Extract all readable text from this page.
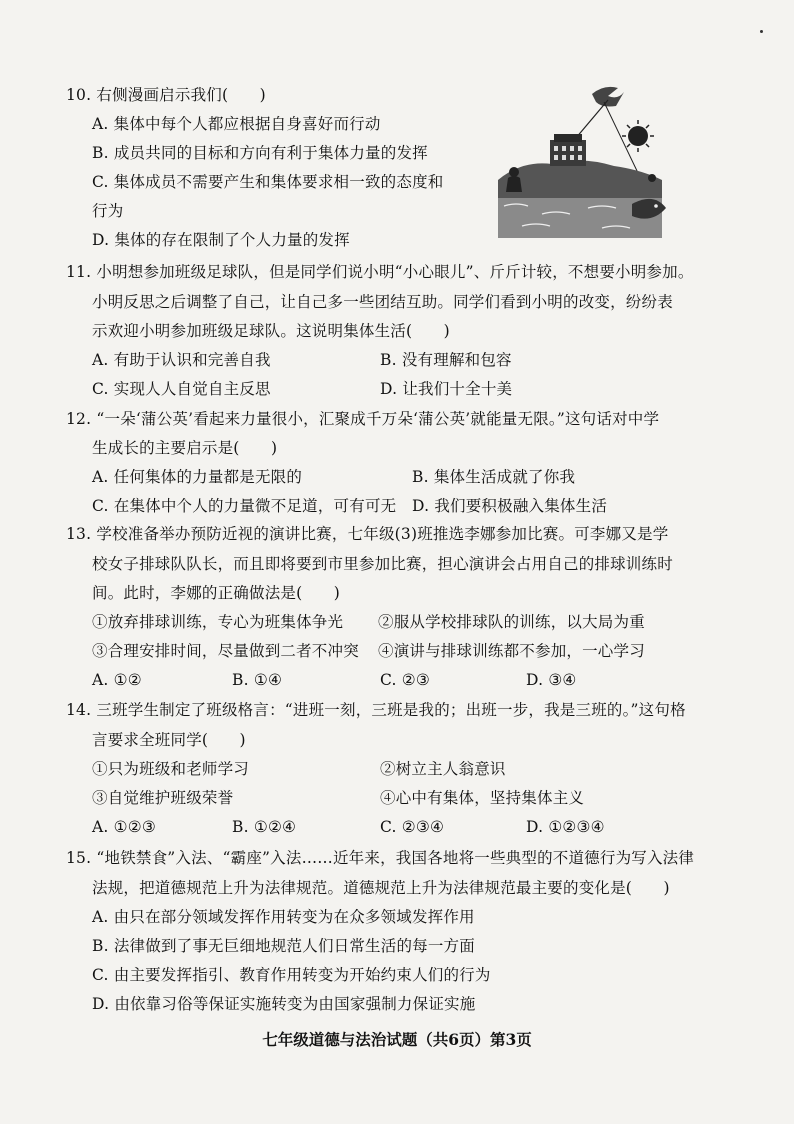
10. 右侧漫画启示我们(　　)
A. 集体中每个人都应根据自身喜好而行动
B. 成员共同的目标和方向有利于集体力量的发挥
C. 集体成员不需要产生和集体要求相一致的态度和
行为
D. 集体的存在限制了个人力量的发挥
11. 小明想参加班级足球队，但是同学们说小明“小心眼儿”、斤斤计较，不想要小明参加。
小明反思之后调整了自己，让自己多一些团结互助。同学们看到小明的改变，纷纷表
示欢迎小明参加班级足球队。这说明集体生活(　　)
A. 有助于认识和完善自我	B. 没有理解和包容
C. 实现人人自觉自主反思	D. 让我们十全十美
12. “一朵‘蒲公英’看起来力量很小，汇聚成千万朵‘蒲公英’就能量无限。”这句话对中学
生成长的主要启示是(　　)
A. 任何集体的力量都是无限的	B. 集体生活成就了你我
C. 在集体中个人的力量微不足道，可有可无 D. 我们要积极融入集体生活
13. 学校准备举办预防近视的演讲比赛，七年级(3)班推选李娜参加比赛。可李娜又是学
校女子排球队队长，而且即将要到市里参加比赛，担心演讲会占用自己的排球训练时
间。此时，李娜的正确做法是(　　)
①放弃排球训练，专心为班集体争光 ②服从学校排球队的训练，以大局为重
③合理安排时间，尽量做到二者不冲突 ④演讲与排球训练都不参加，一心学习
A. ①②	B. ①④	C. ②③	D. ③④
14. 三班学生制定了班级格言：“进班一刻，三班是我的；出班一步，我是三班的。”这句格
言要求全班同学(　　)
①只为班级和老师学习	②树立主人翁意识
③自觉维护班级荣誉	④心中有集体，坚持集体主义
A. ①②③	B. ①②④	C. ②③④	D. ①②③④
15. “地铁禁食”入法、“霸座”入法……近年来，我国各地将一些典型的不道德行为写入法律
法规，把道德规范上升为法律规范。道德规范上升为法律规范最主要的变化是(　　)
A. 由只在部分领域发挥作用转变为在众多领域发挥作用
B. 法律做到了事无巨细地规范人们日常生活的每一方面
C. 由主要发挥指引、教育作用转变为开始约束人们的行为
D. 由依靠习俗等保证实施转变为由国家强制力保证实施
七年级道德与法治试题（共6页）第3页
